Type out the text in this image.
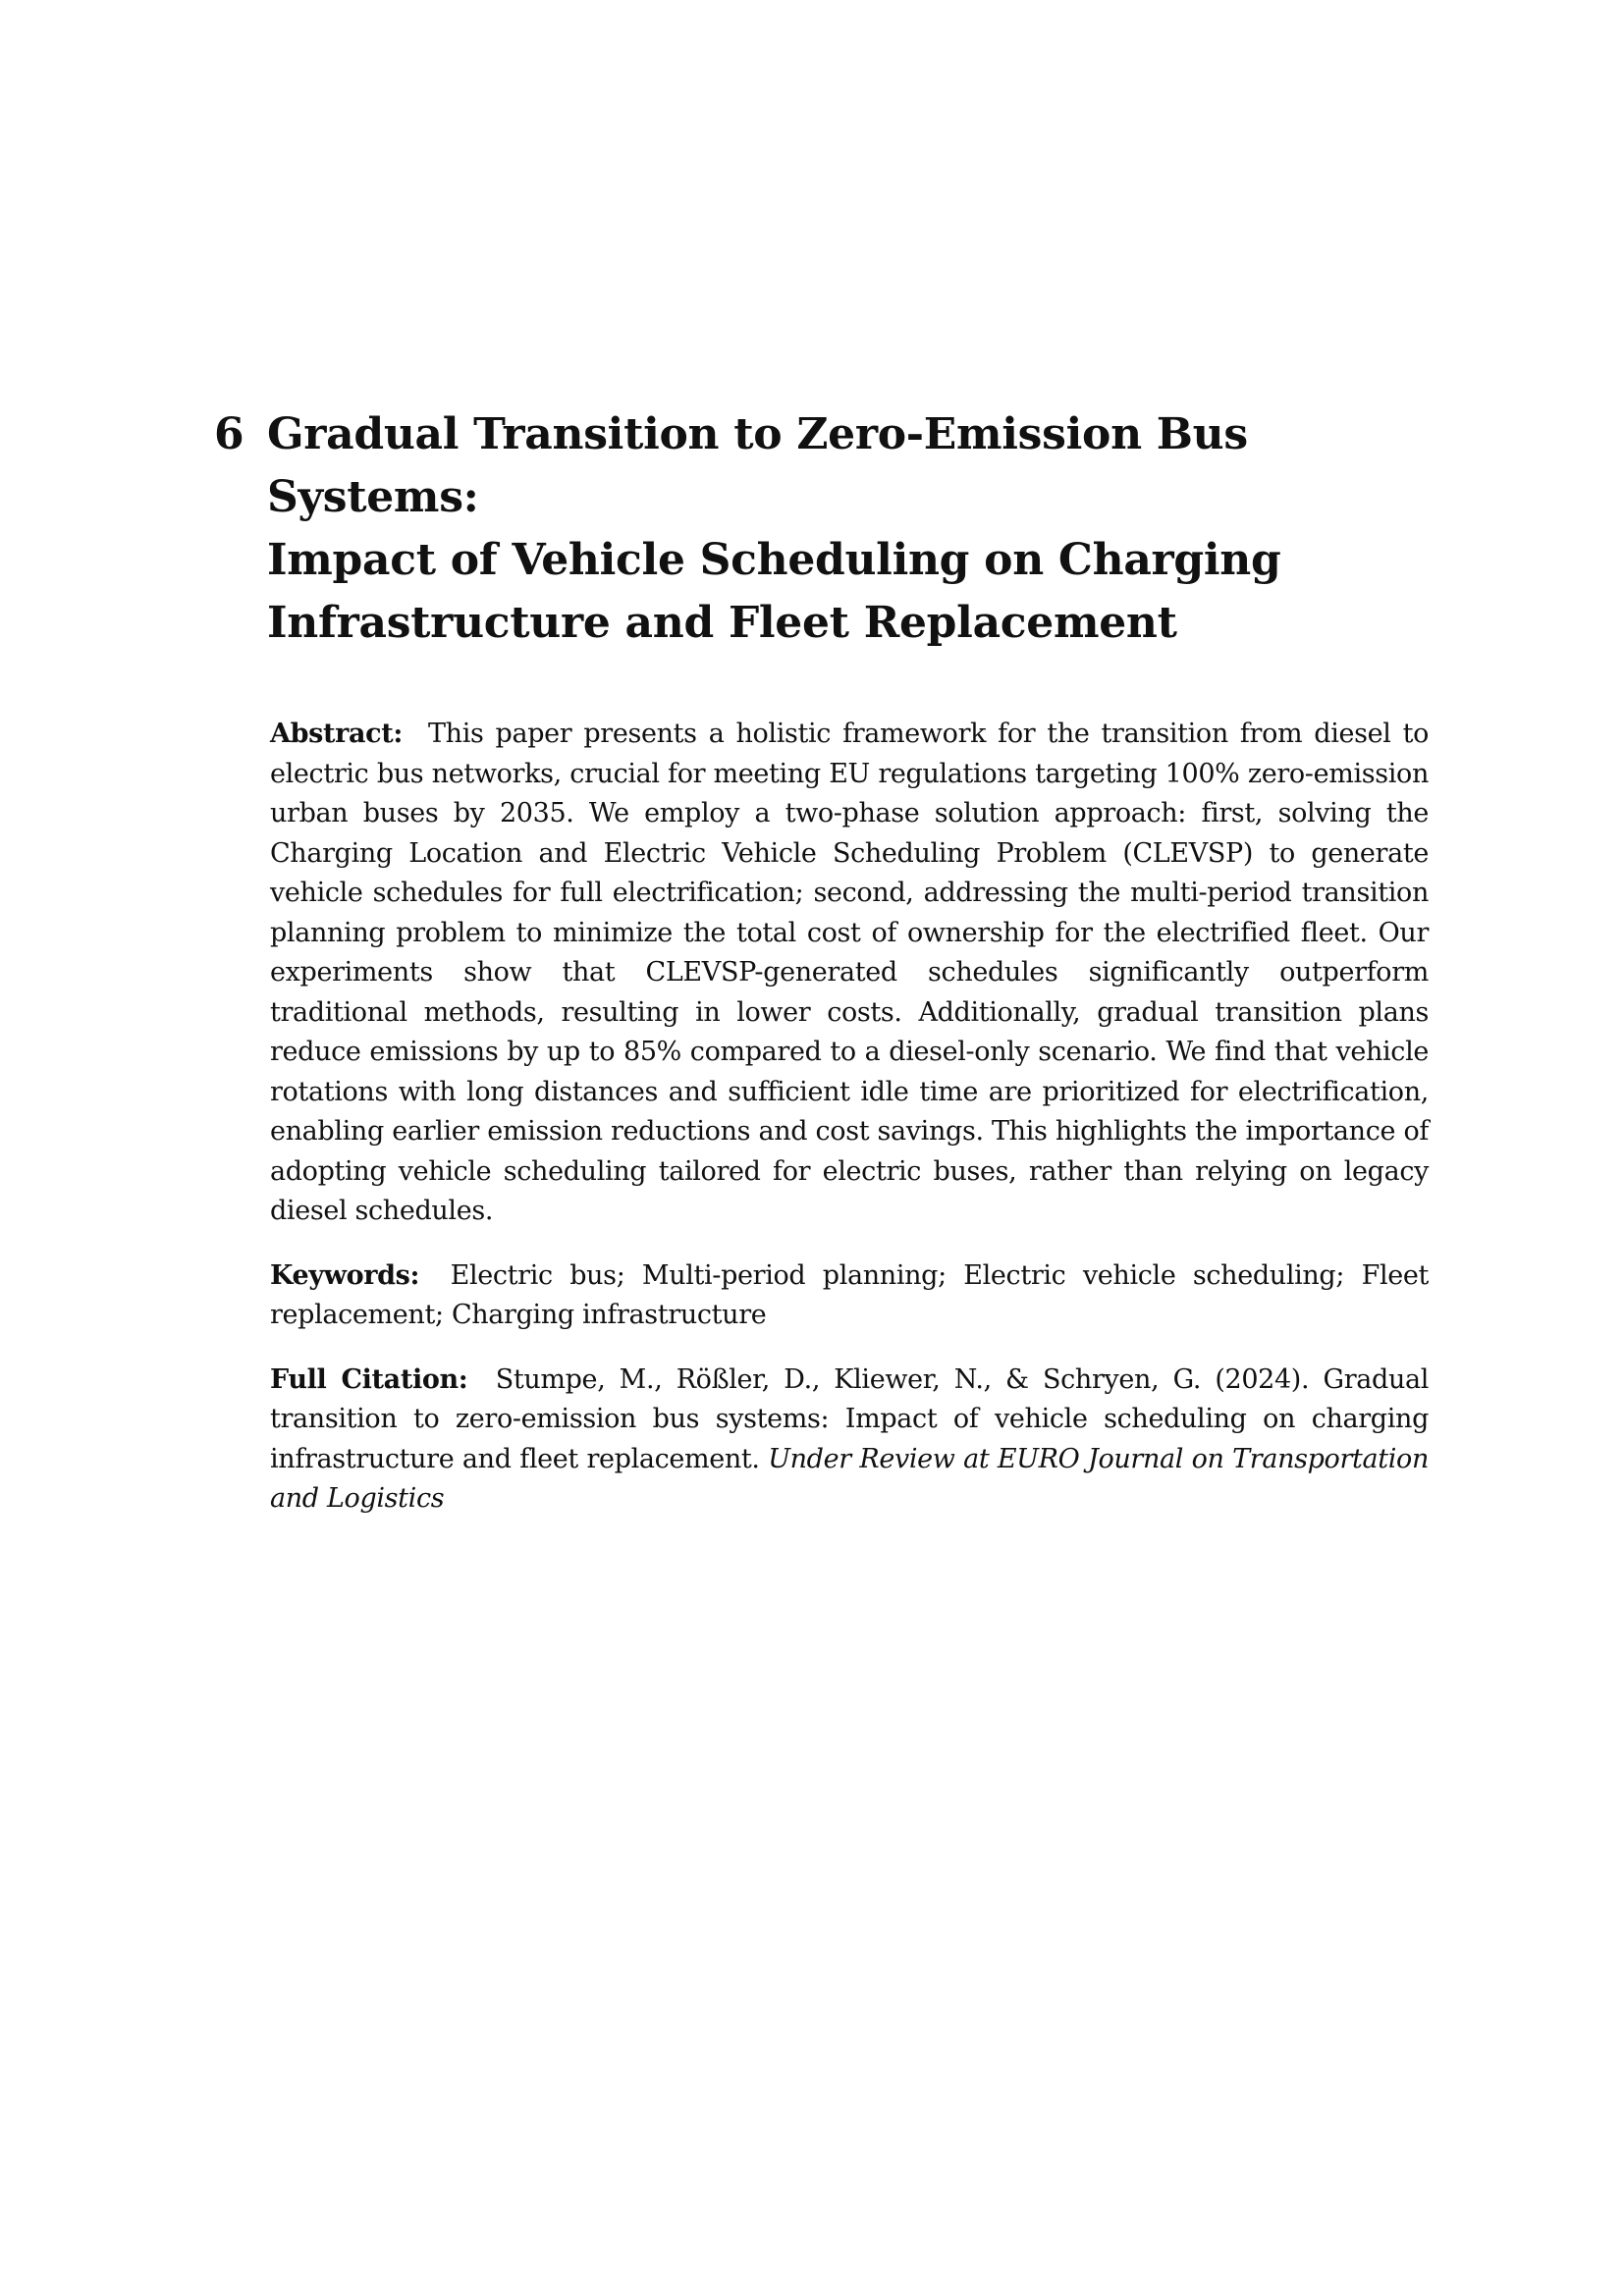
6 Gradual Transition to Zero-Emission Bus Systems:
Impact of Vehicle Scheduling on Charging
Infrastructure and Fleet Replacement

Abstract: This paper presents a holistic framework for the transition from diesel to electric bus networks, crucial for meeting EU regulations targeting 100% zero-emission urban buses by 2035. We employ a two-phase solution approach: first, solving the Charging Location and Electric Vehicle Scheduling Problem (CLEVSP) to generate vehicle schedules for full electrification; second, addressing the multi-period transition planning problem to minimize the total cost of ownership for the electrified fleet. Our experiments show that CLEVSP-generated schedules significantly outperform traditional methods, resulting in lower costs. Additionally, gradual transition plans reduce emissions by up to 85% compared to a diesel-only scenario. We find that vehicle rotations with long distances and sufficient idle time are prioritized for electrification, enabling earlier emission reductions and cost savings. This highlights the importance of adopting vehicle scheduling tailored for electric buses, rather than relying on legacy diesel schedules.

Keywords: Electric bus; Multi-period planning; Electric vehicle scheduling; Fleet replacement; Charging infrastructure

Full Citation: Stumpe, M., Rößler, D., Kliewer, N., & Schryen, G. (2024). Gradual transition to zero-emission bus systems: Impact of vehicle scheduling on charging infrastructure and fleet replacement. Under Review at EURO Journal on Transportation and Logistics
